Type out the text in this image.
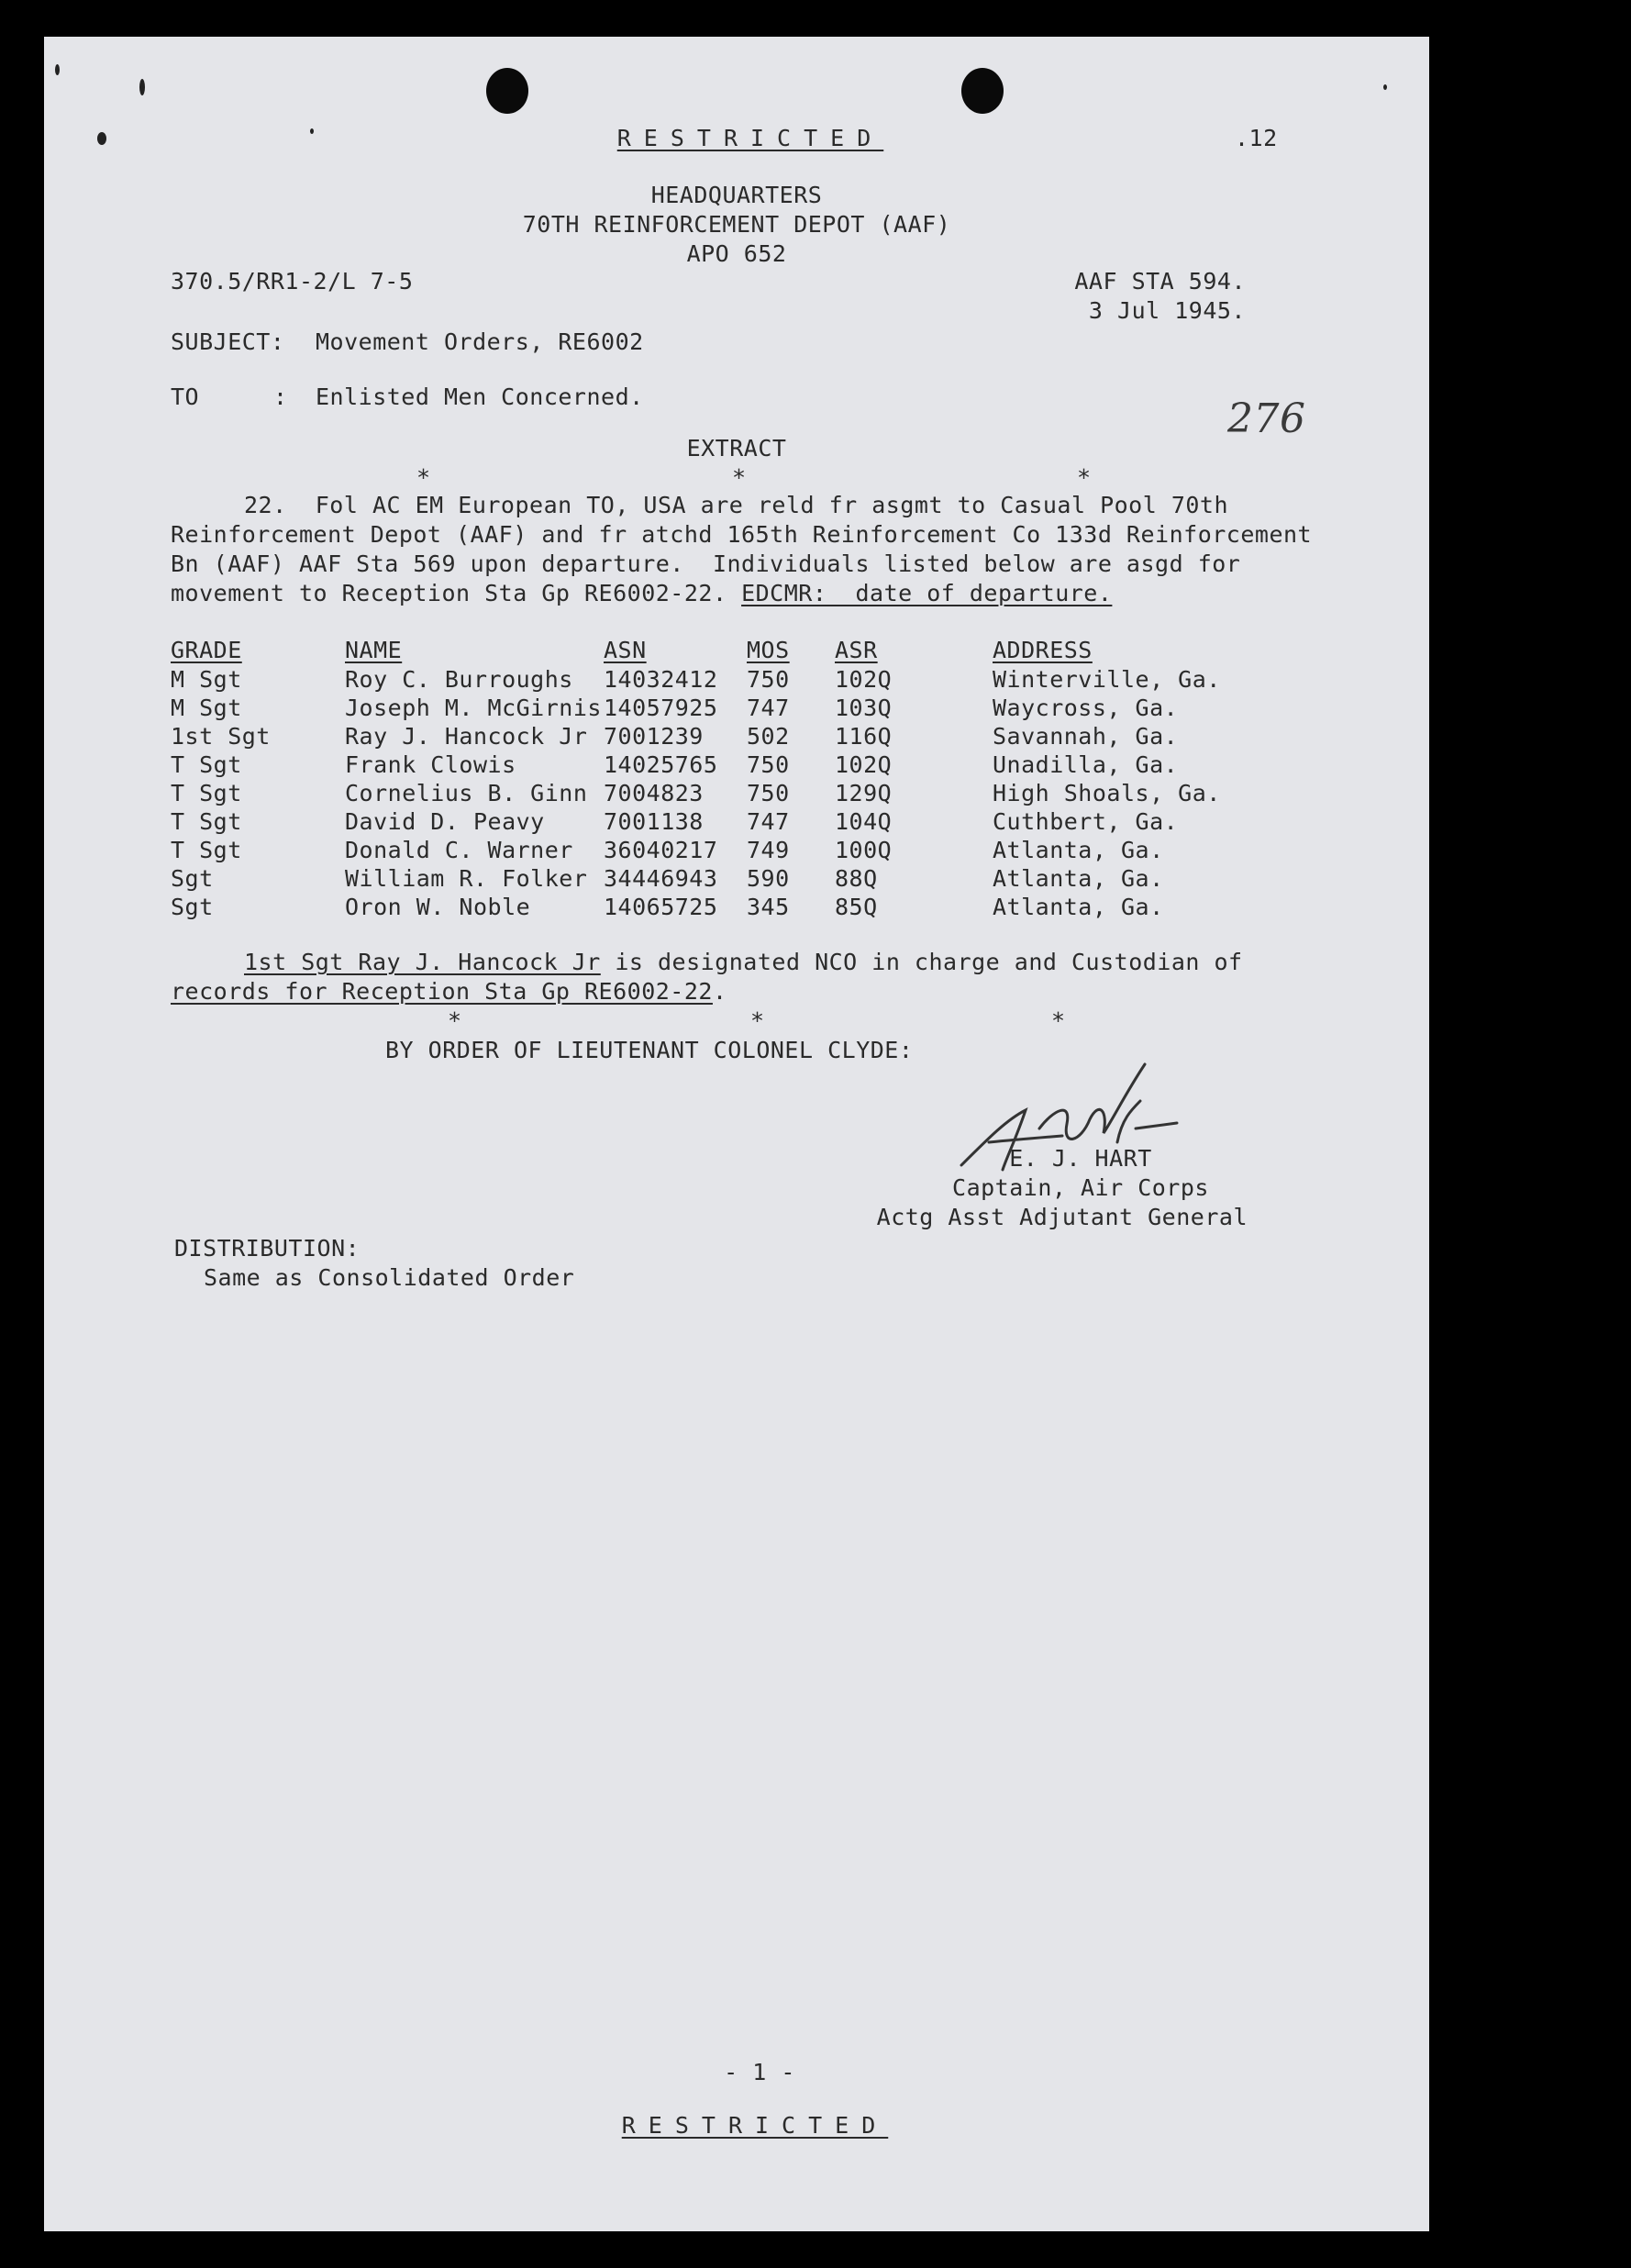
RESTRICTED	.12
HEADQUARTERS
70TH REINFORCEMENT DEPOT (AAF)
APO 652
370.5/RR1-2/L 7-5	AAF STA 594.
3 Jul 1945.
SUBJECT: Movement Orders, RE6002
TO	: Enlisted Men Concerned.	276
EXTRACT
*	*	*
22.  Fol AC EM European TO, USA are reld fr asgmt to Casual Pool 70th
Reinforcement Depot (AAF) and fr atchd 165th Reinforcement Co 133d Reinforcement
Bn (AAF) AAF Sta 569 upon departure.  Individuals listed below are asgd for
movement to Reception Sta Gp RE6002-22. EDCMR:  date of departure.
GRADE	NAME	ASN	MOS ASR	ADDRESS
M Sgt	Roy C. Burroughs 14032412 750 102Q	Winterville, Ga.
M Sgt	Joseph M. McGirnis 14057925 747 103Q	Waycross, Ga.
1st Sgt	Ray J. Hancock Jr 7001239 502 116Q	Savannah, Ga.
T Sgt	Frank Clowis	14025765 750 102Q	Unadilla, Ga.
T Sgt	Cornelius B. Ginn 7004823 750 129Q	High Shoals, Ga.
T Sgt	David D. Peavy	7001138 747 104Q	Cuthbert, Ga.
T Sgt	Donald C. Warner 36040217 749 100Q	Atlanta, Ga.
Sgt	William R. Folker 34446943 590 88Q	Atlanta, Ga.
Sgt	Oron W. Noble	14065725 345 85Q	Atlanta, Ga.
1st Sgt Ray J. Hancock Jr is designated NCO in charge and Custodian of
records for Reception Sta Gp RE6002-22.
*	*	*
BY ORDER OF LIEUTENANT COLONEL CLYDE:
E. J. HART
Captain, Air Corps
Actg Asst Adjutant General
DISTRIBUTION:
Same as Consolidated Order
- 1 -
RESTRICTED
